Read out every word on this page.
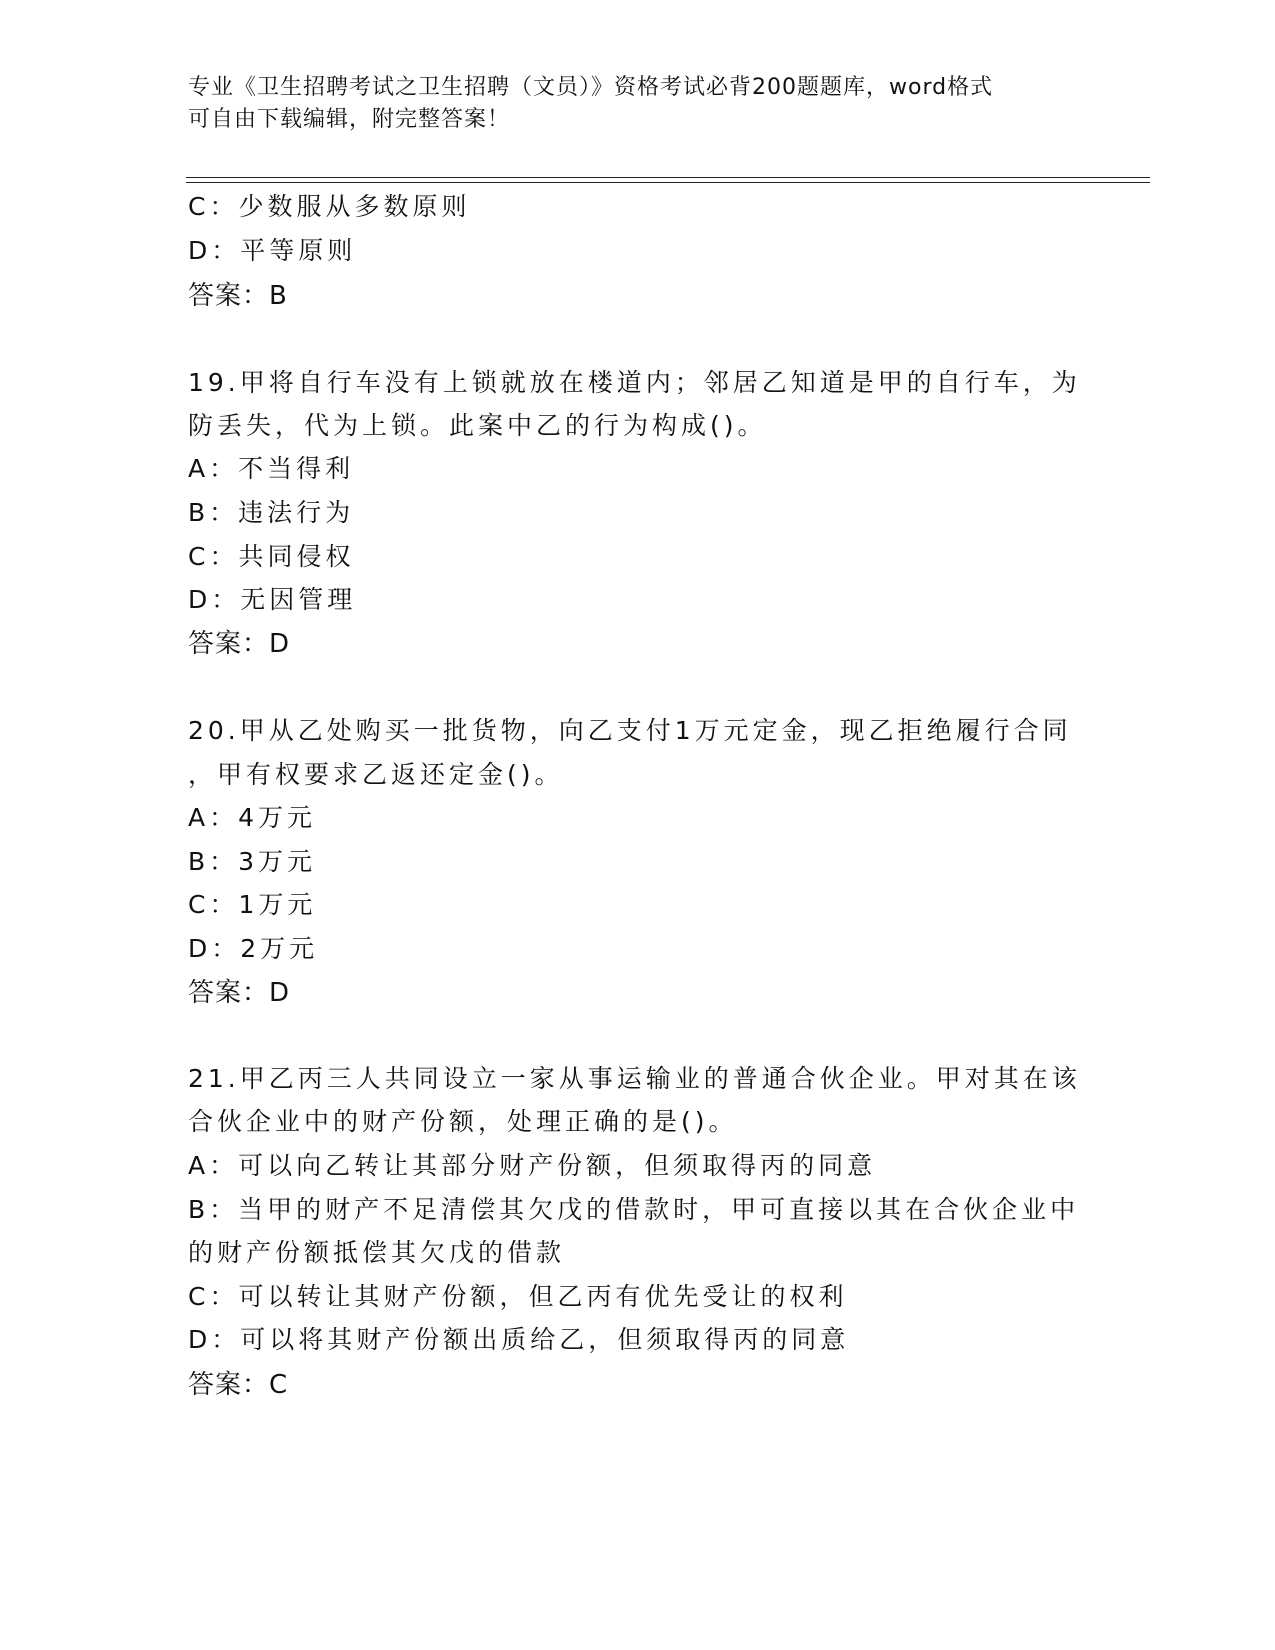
专业《卫生招聘考试之卫生招聘（文员）》资格考试必背200题题库，word格式
可自由下载编辑，附完整答案！
C：少数服从多数原则
D：平等原则
答案：B
19.甲将自行车没有上锁就放在楼道内；邻居乙知道是甲的自行车，为
防丢失，代为上锁。此案中乙的行为构成()。
A：不当得利
B：违法行为
C：共同侵权
D：无因管理
答案：D
20.甲从乙处购买一批货物，向乙支付1万元定金，现乙拒绝履行合同
，甲有权要求乙返还定金()。
A：4万元
B：3万元
C：1万元
D：2万元
答案：D
21.甲乙丙三人共同设立一家从事运输业的普通合伙企业。甲对其在该
合伙企业中的财产份额，处理正确的是()。
A：可以向乙转让其部分财产份额，但须取得丙的同意
B：当甲的财产不足清偿其欠戊的借款时，甲可直接以其在合伙企业中
的财产份额抵偿其欠戊的借款
C：可以转让其财产份额，但乙丙有优先受让的权利
D：可以将其财产份额出质给乙，但须取得丙的同意
答案：C
